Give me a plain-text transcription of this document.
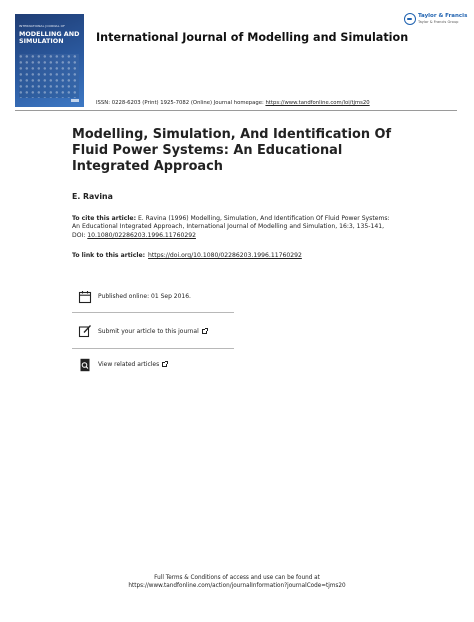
INTERNATIONAL JOURNAL OF
MODELLING AND
SIMULATION	International Journal of Modelling and Simulation
Taylor & Francis
Taylor & Francis Group
ISSN: 0228-6203 (Print) 1925-7082 (Online) Journal homepage: https://www.tandfonline.com/loi/tjms20
Modelling, Simulation, And Identification Of Fluid Power Systems: An Educational Integrated Approach
E. Ravina
To cite this article: E. Ravina (1996) Modelling, Simulation, And Identification Of Fluid Power Systems: An Educational Integrated Approach, International Journal of Modelling and Simulation, 16:3, 135-141, DOI: 10.1080/02286203.1996.11760292
To link to this article: https://doi.org/10.1080/02286203.1996.11760292
Published online: 01 Sep 2016.
Submit your article to this journal
View related articles
Full Terms & Conditions of access and use can be found at
https://www.tandfonline.com/action/journalInformation?journalCode=tjms20
